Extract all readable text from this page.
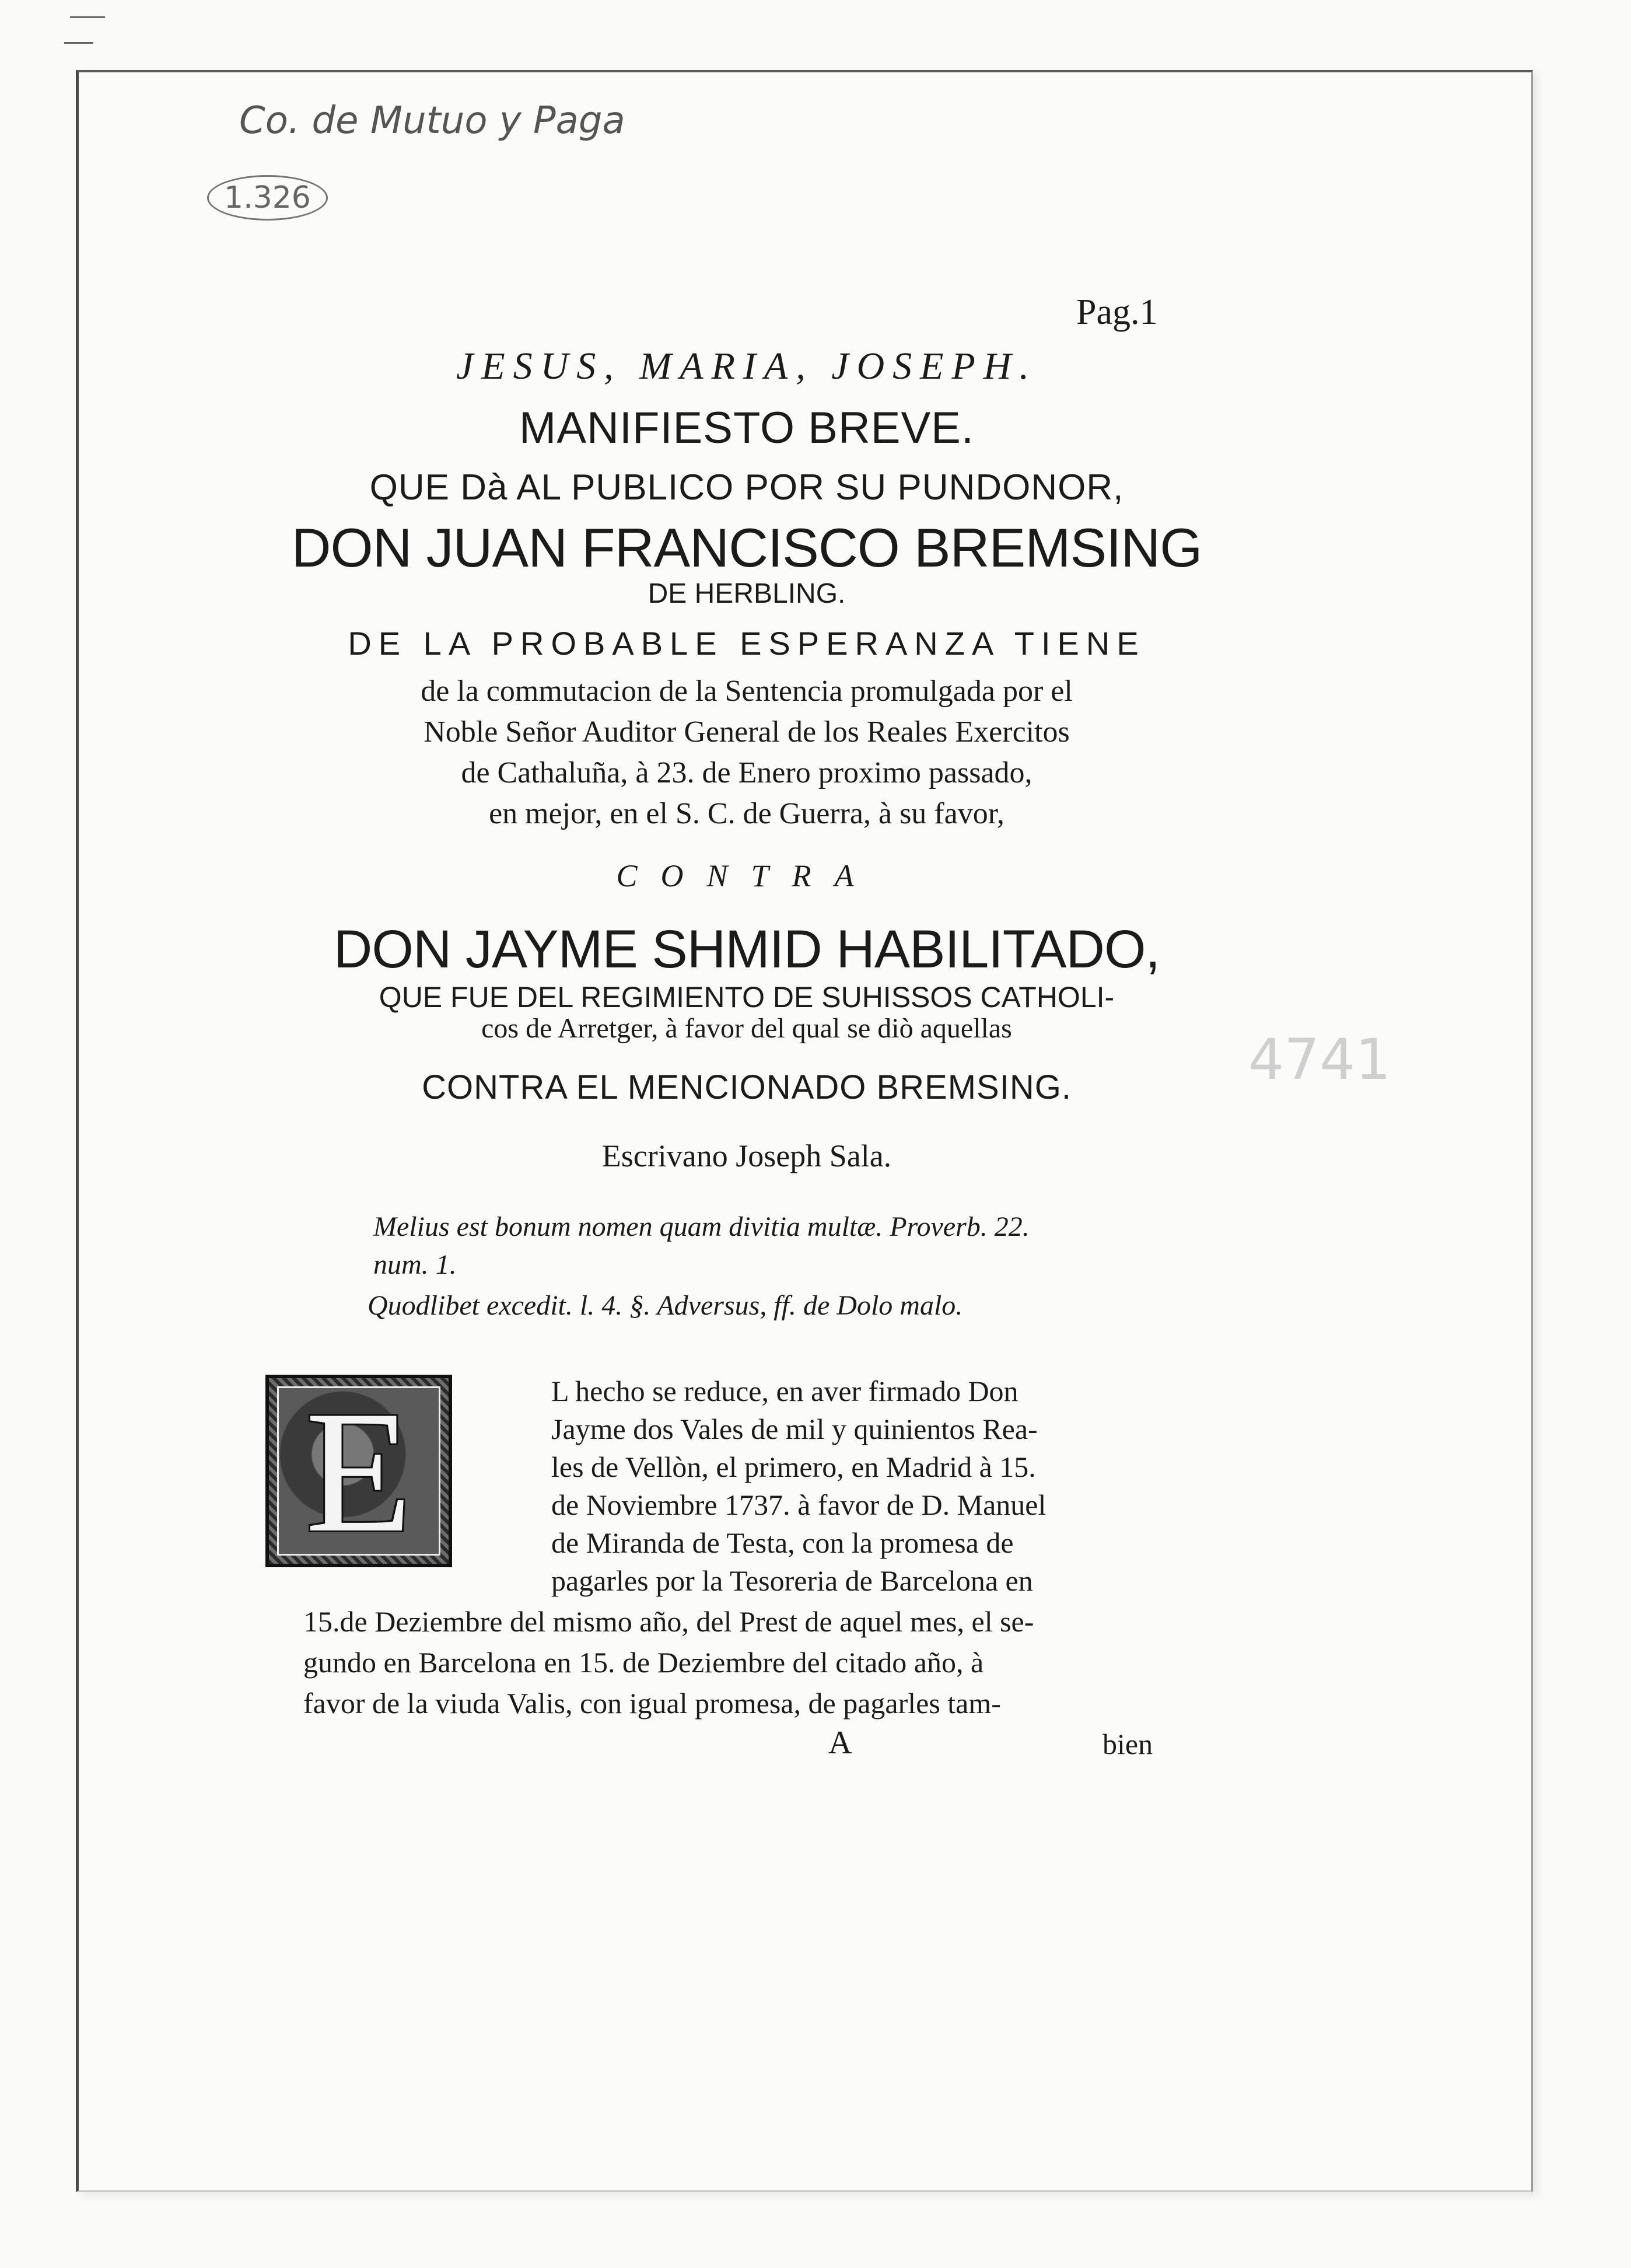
Co. de Mutuo y Paga
1.326
4741
Pag.1
JESUS, MARIA, JOSEPH.
MANIFIESTO BREVE.
QUE Dà AL PUBLICO POR SU PUNDONOR,
DON JUAN FRANCISCO BREMSING
DE HERBLING.
DE LA PROBABLE ESPERANZA TIENE
de la commutacion de la Sentencia promulgada por el
Noble Señor Auditor General de los Reales Exercitos
de Cathaluña, à 23. de Enero proximo passado,
en mejor, en el S. C. de Guerra, à su favor,
CONTRA
DON JAYME SHMID HABILITADO,
QUE FUE DEL REGIMIENTO DE SUHISSOS CATHOLI-
cos de Arretger, à favor del qual se diò aquellas
CONTRA EL MENCIONADO BREMSING.
Escrivano Joseph Sala.
Melius est bonum nomen quam divitia multæ. Proverb. 22.
num. 1.
Quodlibet excedit. l. 4. §. Adversus, ff. de Dolo malo.
E	L hecho se reduce, en aver firmado Don
Jayme dos Vales de mil y quinientos Rea-
les de Vellòn, el primero, en Madrid à 15.
de Noviembre 1737. à favor de D. Manuel
de Miranda de Testa, con la promesa de
pagarles por la Tesoreria de Barcelona en
15.de Deziembre del mismo año, del Prest de aquel mes, el se-
gundo en Barcelona en 15. de Deziembre del citado año, à
favor de la viuda Valis, con igual promesa, de pagarles tam-
A	bien
